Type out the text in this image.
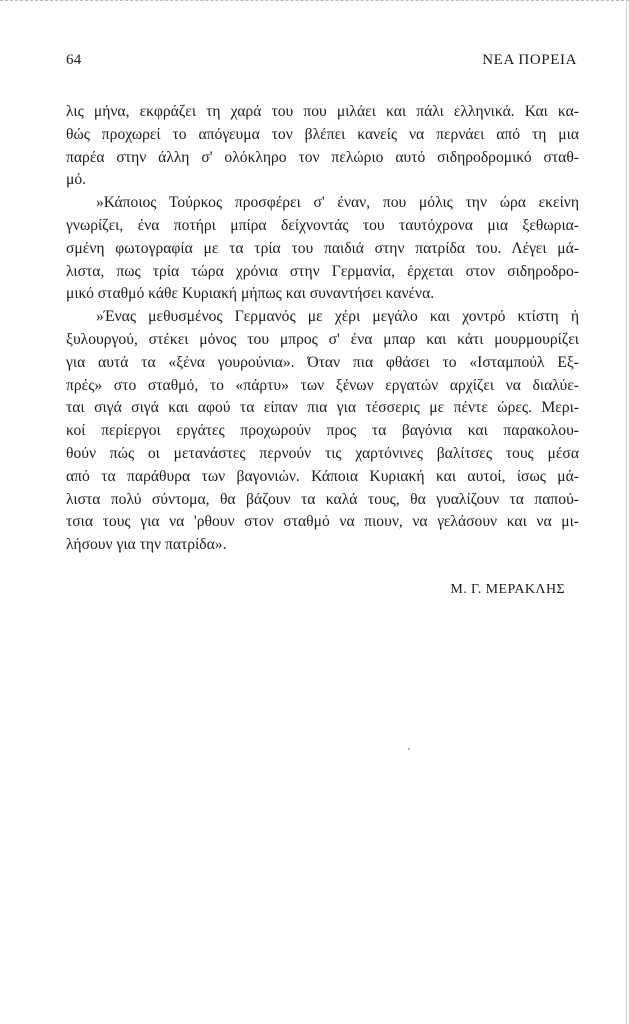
64	ΝΕΑ ΠΟΡΕΙΑ
λις μήνα, εκφράζει τη χαρά του που μιλάει και πάλι ελληνικά. Και κα-
θώς προχωρεί το απόγευμα τον βλέπει κανείς να περνάει από τη μια
παρέα στην άλλη σ' ολόκληρο τον πελώριο αυτό σιδηροδρομικό σταθ-
μό.
»Κάποιος Τούρκος προσφέρει σ' έναν, που μόλις την ώρα εκείνη
γνωρίζει, ένα ποτήρι μπίρα δείχνοντάς του ταυτόχρονα μια ξεθωρια-
σμένη φωτογραφία με τα τρία του παιδιά στην πατρίδα του. Λέγει μά-
λιστα, πως τρία τώρα χρόνια στην Γερμανία, έρχεται στον σιδηροδρο-
μικό σταθμό κάθε Κυριακή μήπως και συναντήσει κανένα.
»Ένας μεθυσμένος Γερμανός με χέρι μεγάλο και χοντρό κτίστη ή
ξυλουργού, στέκει μόνος του μπρος σ' ένα μπαρ και κάτι μουρμουρίζει
για αυτά τα «ξένα γουρούνια». Όταν πια φθάσει το «Ισταμπούλ Εξ-
πρές» στο σταθμό, το «πάρτυ» των ξένων εργατών αρχίζει να διαλύε-
ται σιγά σιγά και αφού τα είπαν πια για τέσσερις με πέντε ώρες. Μερι-
κοί περίεργοι εργάτες προχωρούν προς τα βαγόνια και παρακολου-
θούν πώς οι μετανάστες περνούν τις χαρτόνινες βαλίτσες τους μέσα
από τα παράθυρα των βαγονιών. Κάποια Κυριακή και αυτοί, ίσως μά-
λιστα πολύ σύντομα, θα βάζουν τα καλά τους, θα γυαλίζουν τα παπού-
τσια τους για να 'ρθουν στον σταθμό να πιουν, να γελάσουν και να μι-
λήσουν για την πατρίδα».
Μ. Γ. ΜΕΡΑΚΛΗΣ
